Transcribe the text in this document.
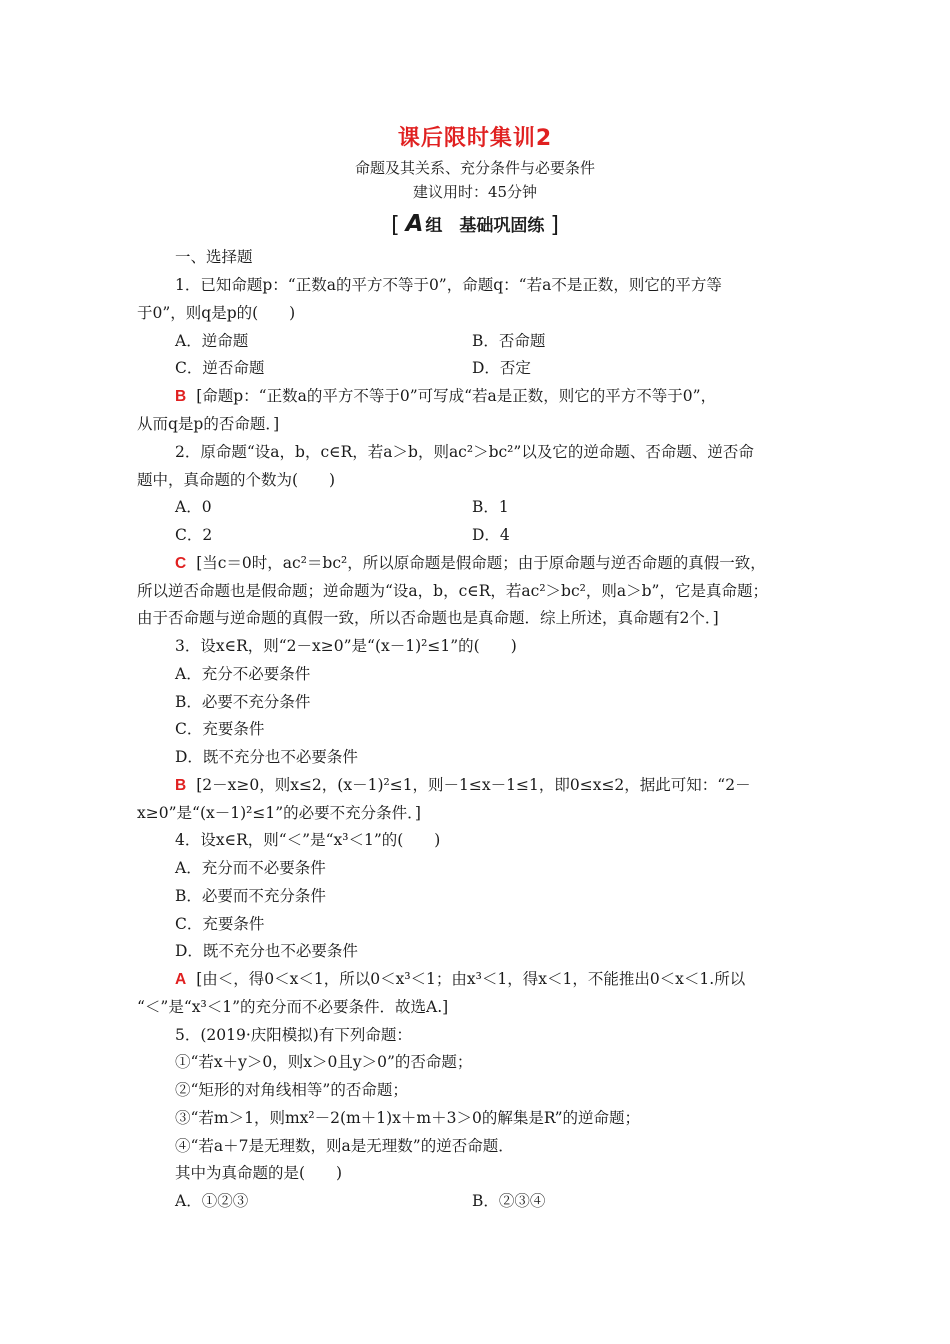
课后限时集训2
命题及其关系、充分条件与必要条件
建议用时：45分钟
[ A 组　基础巩固练 ]
一、选择题
1．已知命题p：“正数a的平方不等于0”，命题q：“若a不是正数，则它的平方等
于0”，则q是p的(　　)
A．逆命题	B．否命题
C．逆否命题	D．否定
B [命题p：“正数a的平方不等于0”可写成“若a是正数，则它的平方不等于0”，
从而q是p的否命题．]
2．原命题“设a，b，c∈R，若a＞b，则ac²＞bc²”以及它的逆命题、否命题、逆否命
题中，真命题的个数为(　　)
A．0	B．1
C．2	D．4
C [当c＝0时，ac²＝bc²，所以原命题是假命题；由于原命题与逆否命题的真假一致，
所以逆否命题也是假命题；逆命题为“设a，b，c∈R，若ac²＞bc²，则a＞b”，它是真命题；
由于否命题与逆命题的真假一致，所以否命题也是真命题．综上所述，真命题有2个．]
3．设x∈R，则“2－x≥0”是“(x－1)²≤1”的(　　)
A．充分不必要条件
B．必要不充分条件
C．充要条件
D．既不充分也不必要条件
B [2－x≥0，则x≤2，(x－1)²≤1，则－1≤x－1≤1，即0≤x≤2，据此可知：“2－
x≥0”是“(x－1)²≤1”的必要不充分条件．]
4．设x∈R，则“＜”是“x³＜1”的(　　)
A．充分而不必要条件
B．必要而不充分条件
C．充要条件
D．既不充分也不必要条件
A [由＜，得0＜x＜1，所以0＜x³＜1；由x³＜1，得x＜1，不能推出0＜x＜1.所以
“＜”是“x³＜1”的充分而不必要条件．故选A.]
5．(2019·庆阳模拟)有下列命题：
①“若x＋y＞0，则x＞0且y＞0”的否命题；
②“矩形的对角线相等”的否命题；
③“若m＞1，则mx²－2(m＋1)x＋m＋3＞0的解集是R”的逆命题；
④“若a＋7是无理数，则a是无理数”的逆否命题．
其中为真命题的是(　　)
A．①②③	B．②③④
